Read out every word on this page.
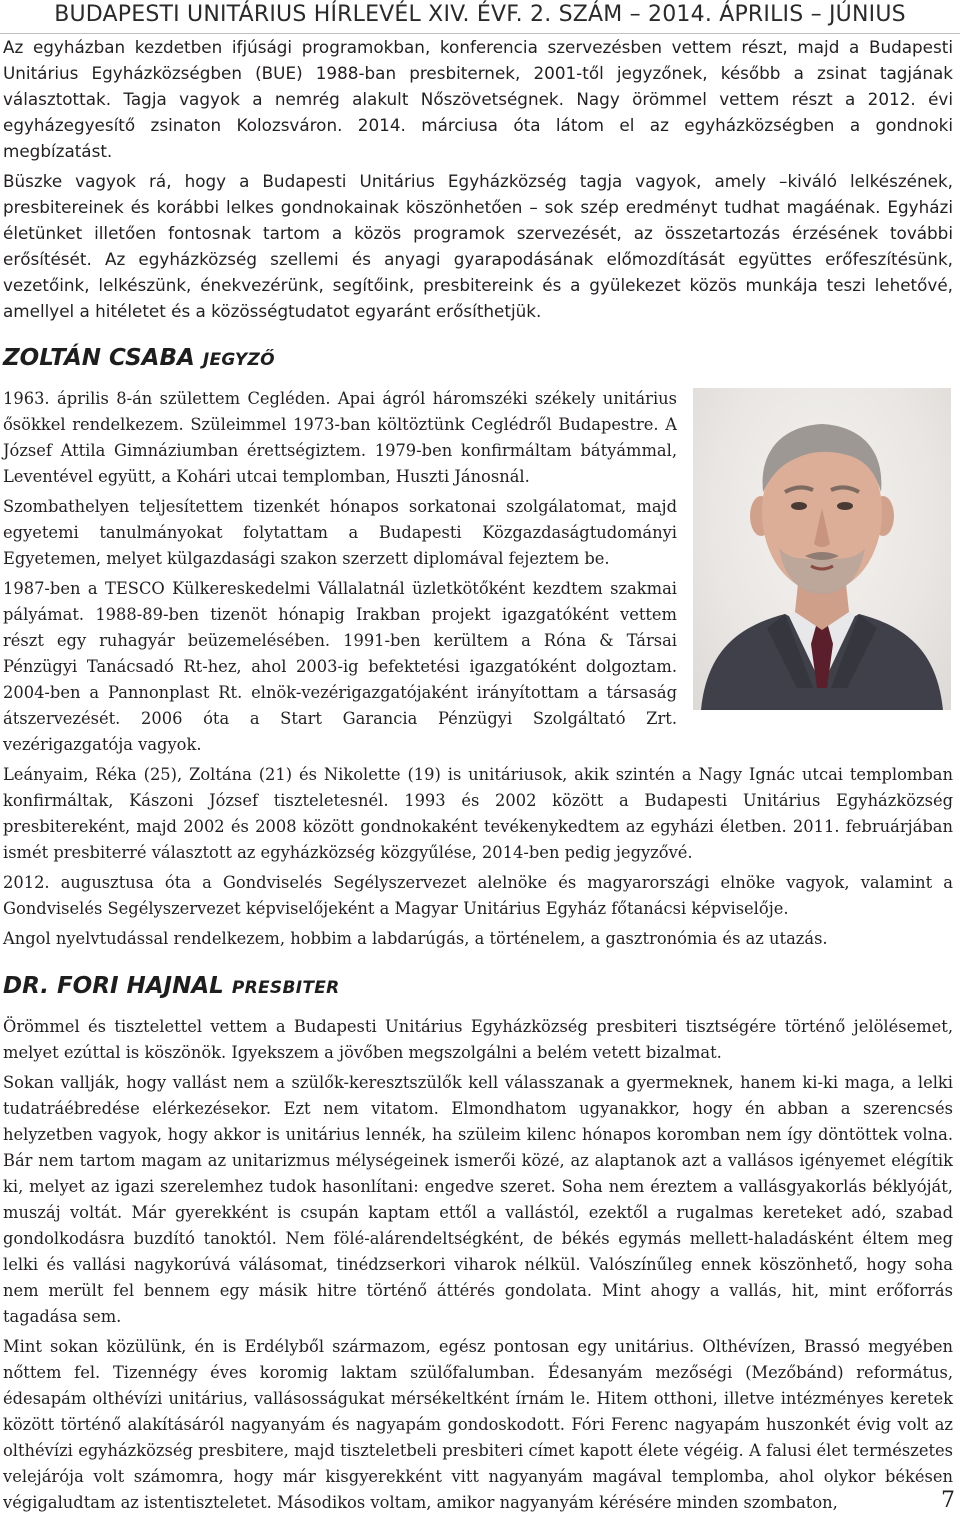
BUDAPESTI UNITÁRIUS HÍRLEVÉL XIV. ÉVF. 2. SZÁM – 2014. ÁPRILIS – JÚNIUS

Az egyházban kezdetben ifjúsági programokban, konferencia szervezésben vettem részt, majd a Budapesti Unitárius Egyházközségben (BUE) 1988-ban presbiternek, 2001-től jegyzőnek, később a zsinat tagjának választottak. Tagja vagyok a nemrég alakult Nőszövetségnek. Nagy örömmel vettem részt a 2012. évi egyházegyesítő zsinaton Kolozsváron. 2014. márciusa óta látom el az egyházközségben a gondnoki megbízatást.

Büszke vagyok rá, hogy a Budapesti Unitárius Egyházközség tagja vagyok, amely –kiváló lelkészének, presbitereinek és korábbi lelkes gondnokainak köszönhetően – sok szép eredményt tudhat magáénak. Egyházi életünket illetően fontosnak tartom a közös programok szervezését, az összetartozás érzésének további erősítését. Az egyházközség szellemi és anyagi gyarapodásának előmozdítását együttes erőfeszítésünk, vezetőink, lelkészünk, énekvezérünk, segítőink, presbitereink és a gyülekezet közös munkája teszi lehetővé, amellyel a hitéletet és a közösségtudatot egyaránt erősíthetjük.

ZOLTÁN CSABA JEGYZŐ

1963. április 8-án születtem Cegléden. Apai ágról háromszéki székely unitárius ősökkel rendelkezem. Szüleimmel 1973-ban költöztünk Ceglédről Budapestre. A József Attila Gimnáziumban érettségiztem. 1979-ben konfirmáltam bátyámmal, Leventével együtt, a Kohári utcai templomban, Huszti Jánosnál.

Szombathelyen teljesítettem tizenkét hónapos sorkatonai szolgálatomat, majd egyetemi tanulmányokat folytattam a Budapesti Közgazdaságtudományi Egyetemen, melyet külgazdasági szakon szerzett diplomával fejeztem be.

1987-ben a TESCO Külkereskedelmi Vállalatnál üzletkötőként kezdtem szakmai pályámat. 1988-89-ben tizenöt hónapig Irakban projekt igazgatóként vettem részt egy ruhagyár beüzemelésében. 1991-ben kerültem a Róna & Társai Pénzügyi Tanácsadó Rt-hez, ahol 2003-ig befektetési igazgatóként dolgoztam. 2004-ben a Pannonplast Rt. elnök-vezérigazgatójaként irányítottam a társaság átszervezését. 2006 óta a Start Garancia Pénzügyi Szolgáltató Zrt. vezérigazgatója vagyok.

Leányaim, Réka (25), Zoltána (21) és Nikolette (19) is unitáriusok, akik szintén a Nagy Ignác utcai templomban konfirmáltak, Kászoni József tiszteletesnél. 1993 és 2002 között a Budapesti Unitárius Egyházközség presbitereként, majd 2002 és 2008 között gondnokaként tevékenykedtem az egyházi életben. 2011. februárjában ismét presbiterré választott az egyházközség közgyűlése, 2014-ben pedig jegyzővé.

2012. augusztusa óta a Gondviselés Segélyszervezet alelnöke és magyarországi elnöke vagyok, valamint a Gondviselés Segélyszervezet képviselőjeként a Magyar Unitárius Egyház főtanácsi képviselője.

Angol nyelvtudással rendelkezem, hobbim a labdarúgás, a történelem, a gasztronómia és az utazás.

DR. FORI HAJNAL PRESBITER

Örömmel és tisztelettel vettem a Budapesti Unitárius Egyházközség presbiteri tisztségére történő jelölésemet, melyet ezúttal is köszönök. Igyekszem a jövőben megszolgálni a belém vetett bizalmat.

Sokan vallják, hogy vallást nem a szülők-keresztszülők kell válasszanak a gyermeknek, hanem ki-ki maga, a lelki tudatráébredése elérkezésekor. Ezt nem vitatom. Elmondhatom ugyanakkor, hogy én abban a szerencsés helyzetben vagyok, hogy akkor is unitárius lennék, ha szüleim kilenc hónapos koromban nem így döntöttek volna. Bár nem tartom magam az unitarizmus mélységeinek ismerői közé, az alaptanok azt a vallásos igényemet elégítik ki, melyet az igazi szerelemhez tudok hasonlítani: engedve szeret. Soha nem éreztem a vallásgyakorlás béklyóját, muszáj voltát. Már gyerekként is csupán kaptam ettől a vallástól, ezektől a rugalmas kereteket adó, szabad gondolkodásra buzdító tanoktól. Nem fölé-alárendeltségként, de békés egymás mellett-haladásként éltem meg lelki és vallási nagykorúvá válásomat, tinédzserkori viharok nélkül. Valószínűleg ennek köszönhető, hogy soha nem merült fel bennem egy másik hitre történő áttérés gondolata. Mint ahogy a vallás, hit, mint erőforrás tagadása sem.

Mint sokan közülünk, én is Erdélyből származom, egész pontosan egy unitárius. Olthévízen, Brassó megyében nőttem fel. Tizennégy éves koromig laktam szülőfalumban. Édesanyám mezőségi (Mezőbánd) református, édesapám olthévízi unitárius, vallásosságukat mérsékeltként írnám le. Hitem otthoni, illetve intézményes keretek között történő alakításáról nagyanyám és nagyapám gondoskodott. Fóri Ferenc nagyapám huszonkét évig volt az olthévízi egyházközség presbitere, majd tiszteletbeli presbiteri címet kapott élete végéig. A falusi élet természetes velejárója volt számomra, hogy már kisgyerekként vitt nagyanyám magával templomba, ahol olykor békésen végigaludtam az istentiszteletet. Másodikos voltam, amikor nagyanyám kérésére minden szombaton,	7
